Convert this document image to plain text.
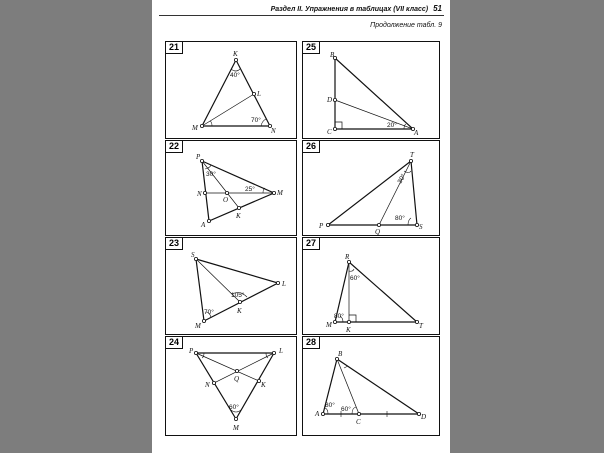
Раздел II. Упражнения в таблицах (VII класс) 51
Продолжение табл. 9
21
K
L
M	N
40°
70°
25
B
D
C	A
20°
22
P
N
O
M
K
A
30°
25°
26
T
P
Q
S
30°
80°
23
S
L
K
M
105°
70°
27
R
M
K	T
60°
80°
24
P	L
N
Q
K
M
60°
28
B
A
C
D
80°
60°
